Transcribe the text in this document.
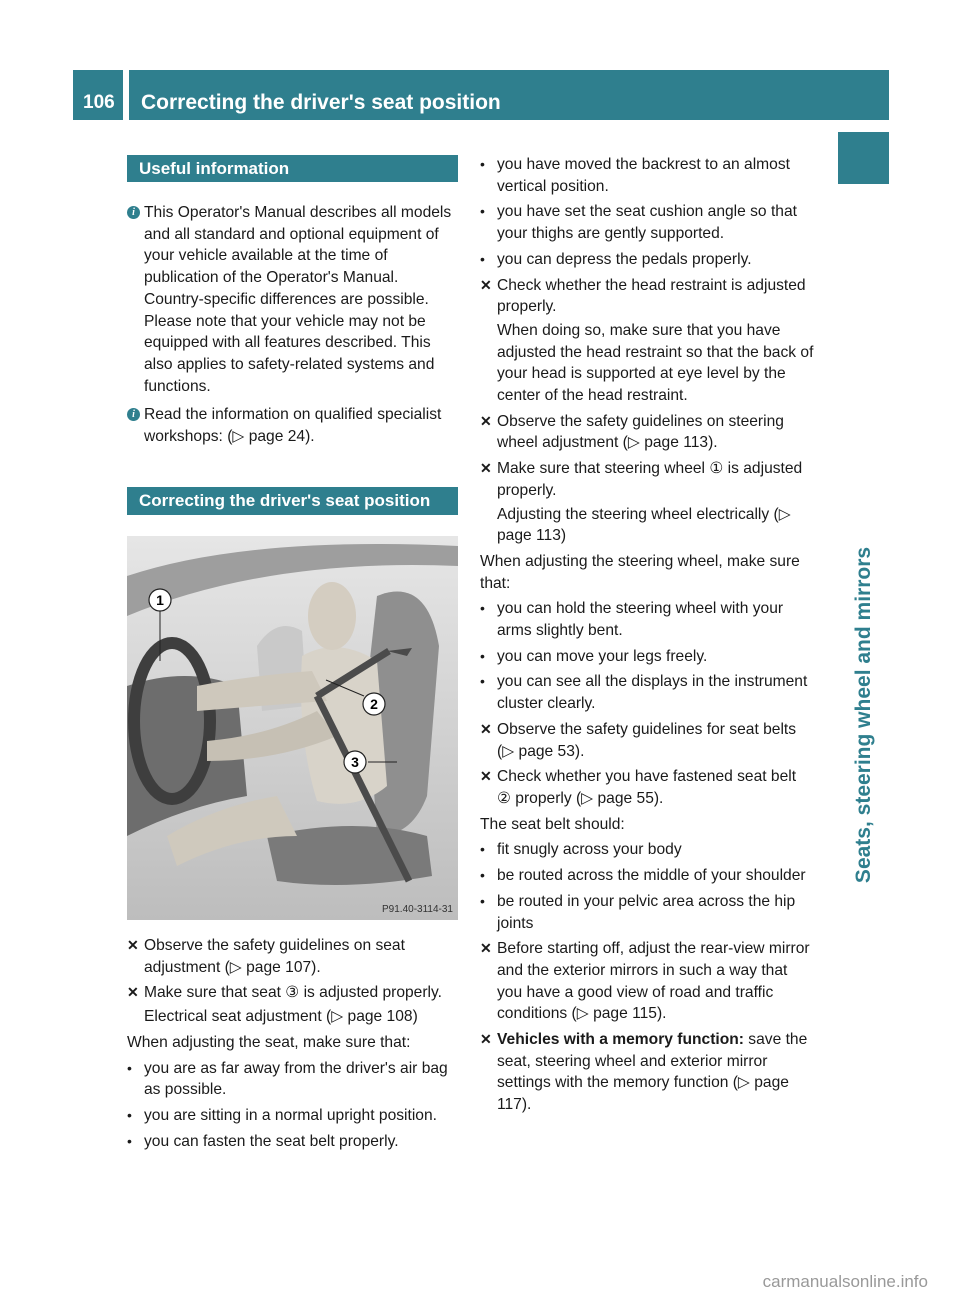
106 Correcting the driver's seat position
Seats, steering wheel and mirrors
Useful information
i This Operator's Manual describes all models and all standard and optional equipment of your vehicle available at the time of publication of the Operator's Manual. Country-specific differences are possible. Please note that your vehicle may not be equipped with all features described. This also applies to safety-related systems and functions.
i Read the information on qualified specialist workshops: (▷ page 24).
Correcting the driver's seat position
1
2
3
P91.40-3114-31
✕ Observe the safety guidelines on seat adjustment (▷ page 107).
✕ Make sure that seat ③ is adjusted properly.
Electrical seat adjustment (▷ page 108)
When adjusting the seat, make sure that:
• you are as far away from the driver's air bag as possible.
• you are sitting in a normal upright position.
• you can fasten the seat belt properly.
• you have moved the backrest to an almost vertical position.
• you have set the seat cushion angle so that your thighs are gently supported.
• you can depress the pedals properly.
✕ Check whether the head restraint is adjusted properly.
When doing so, make sure that you have adjusted the head restraint so that the back of your head is supported at eye level by the center of the head restraint.
✕ Observe the safety guidelines on steering wheel adjustment (▷ page 113).
✕ Make sure that steering wheel ① is adjusted properly.
Adjusting the steering wheel electrically (▷ page 113)
When adjusting the steering wheel, make sure that:
• you can hold the steering wheel with your arms slightly bent.
• you can move your legs freely.
• you can see all the displays in the instrument cluster clearly.
✕ Observe the safety guidelines for seat belts (▷ page 53).
✕ Check whether you have fastened seat belt ② properly (▷ page 55).
The seat belt should:
• fit snugly across your body
• be routed across the middle of your shoulder
• be routed in your pelvic area across the hip joints
✕ Before starting off, adjust the rear-view mirror and the exterior mirrors in such a way that you have a good view of road and traffic conditions (▷ page 115).
✕ Vehicles with a memory function: save the seat, steering wheel and exterior mirror settings with the memory function (▷ page 117).
carmanualsonline.info
